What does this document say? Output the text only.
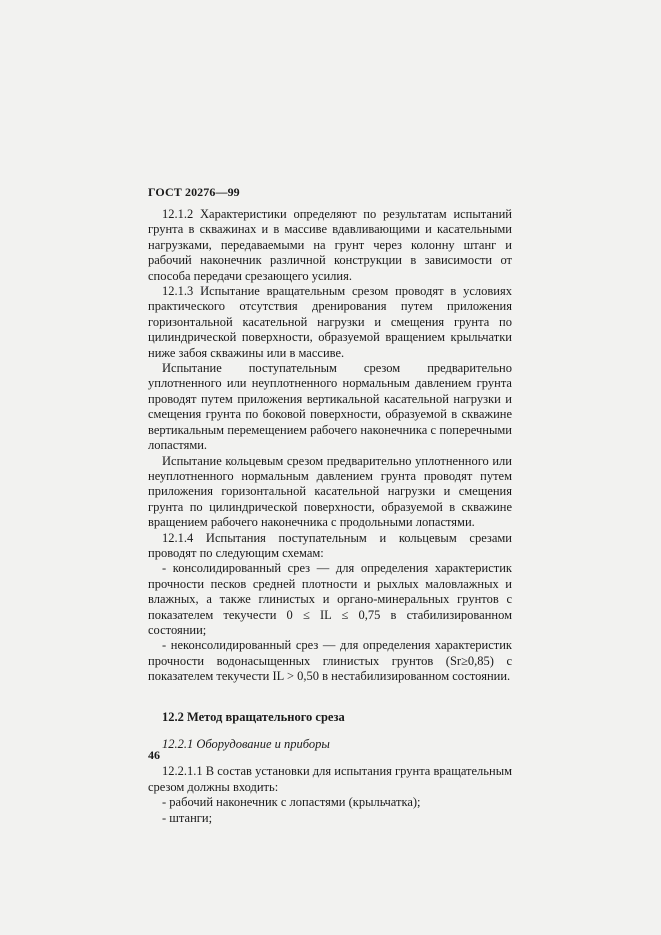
ГОСТ 20276—99

12.1.2 Характеристики определяют по результатам испытаний грунта в скважинах и в массиве вдавливающими и касательными нагрузками, передаваемыми на грунт через колонну штанг и рабочий наконечник различной конструкции в зависимости от способа передачи срезающего усилия.

12.1.3 Испытание вращательным срезом проводят в условиях практического отсутствия дренирования путем приложения горизонтальной касательной нагрузки и смещения грунта по цилиндрической поверхности, образуемой вращением крыльчатки ниже забоя скважины или в массиве.

Испытание поступательным срезом предварительно уплотненного или неуплотненного нормальным давлением грунта проводят путем приложения вертикальной касательной нагрузки и смещения грунта по боковой поверхности, образуемой в скважине вертикальным перемещением рабочего наконечника с поперечными лопастями.

Испытание кольцевым срезом предварительно уплотненного или неуплотненного нормальным давлением грунта проводят путем приложения горизонтальной касательной нагрузки и смещения грунта по цилиндрической поверхности, образуемой в скважине вращением рабочего наконечника с продольными лопастями.

12.1.4 Испытания поступательным и кольцевым срезами проводят по следующим схемам:

- консолидированный срез — для определения характеристик прочности песков средней плотности и рыхлых маловлажных и влажных, а также глинистых и органо-минеральных грунтов с показателем текучести 0 ≤ IL ≤ 0,75 в стабилизированном состоянии;

- неконсолидированный срез — для определения характеристик прочности водонасыщенных глинистых грунтов (Sr≥0,85) с показателем текучести IL > 0,50 в нестабилизированном состоянии.

12.2 Метод вращательного среза
12.2.1 Оборудование и приборы

12.2.1.1 В состав установки для испытания грунта вращательным срезом должны входить:

- рабочий наконечник с лопастями (крыльчатка);

- штанги;

46
